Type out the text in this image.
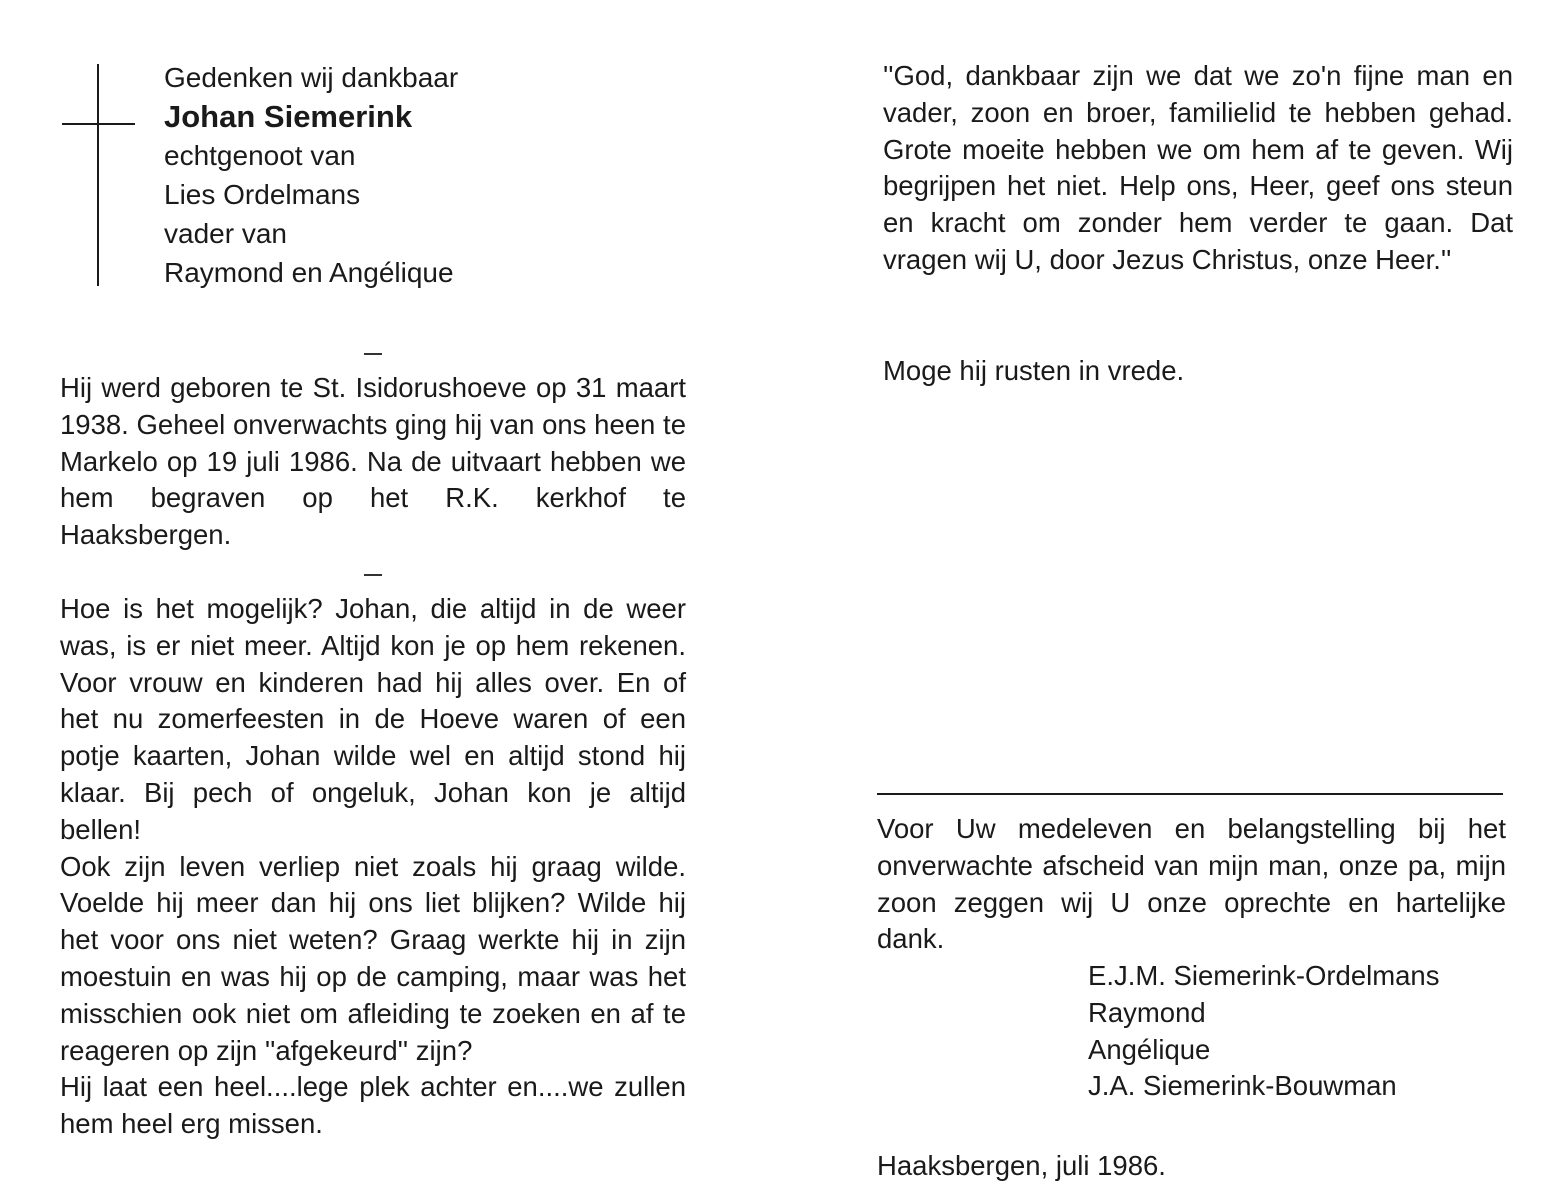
Gedenken wij dankbaar
Johan Siemerink
echtgenoot van
Lies Ordelmans
vader van
Raymond en Angélique

Hij werd geboren te St. Isidorushoeve op 31 maart 1938. Geheel onverwachts ging hij van ons heen te Markelo op 19 juli 1986. Na de uitvaart hebben we hem begraven op het R.K. kerkhof te Haaksbergen.

Hoe is het mogelijk? Johan, die altijd in de weer was, is er niet meer. Altijd kon je op hem rekenen. Voor vrouw en kinderen had hij alles over. En of het nu zomerfeesten in de Hoeve waren of een potje kaarten, Johan wilde wel en altijd stond hij klaar. Bij pech of ongeluk, Johan kon je altijd bellen!

Ook zijn leven verliep niet zoals hij graag wilde. Voelde hij meer dan hij ons liet blijken? Wilde hij het voor ons niet weten? Graag werkte hij in zijn moestuin en was hij op de camping, maar was het misschien ook niet om afleiding te zoeken en af te reageren op zijn ''afgekeurd'' zijn?

Hij laat een heel....lege plek achter en....we zullen hem heel erg missen.

''God, dankbaar zijn we dat we zo'n fijne man en vader, zoon en broer, familielid te hebben gehad. Grote moeite hebben we om hem af te geven. Wij begrijpen het niet. Help ons, Heer, geef ons steun en kracht om zonder hem verder te gaan. Dat vragen wij U, door Jezus Christus, onze Heer.''

Moge hij rusten in vrede.

Voor Uw medeleven en belangstelling bij het onverwachte afscheid van mijn man, onze pa, mijn zoon zeggen wij U onze oprechte en hartelijke dank.

E.J.M. Siemerink-Ordelmans
Raymond
Angélique
J.A. Siemerink-Bouwman
Haaksbergen, juli 1986.
